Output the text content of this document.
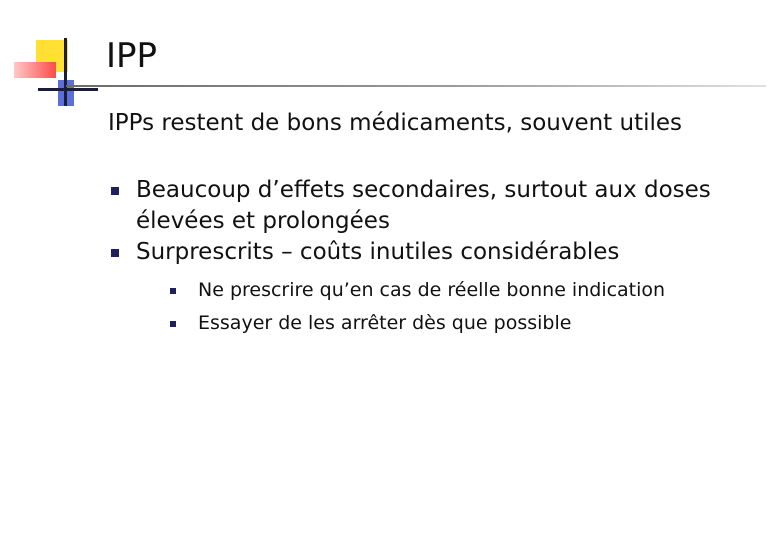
IPP

IPPs restent de bons médicaments, souvent utiles

Beaucoup d’effets secondaires, surtout aux doses élevées et prolongées
Surprescrits – coûts inutiles considérables
Ne prescrire qu’en cas de réelle bonne indication
Essayer de les arrêter dès que possible
